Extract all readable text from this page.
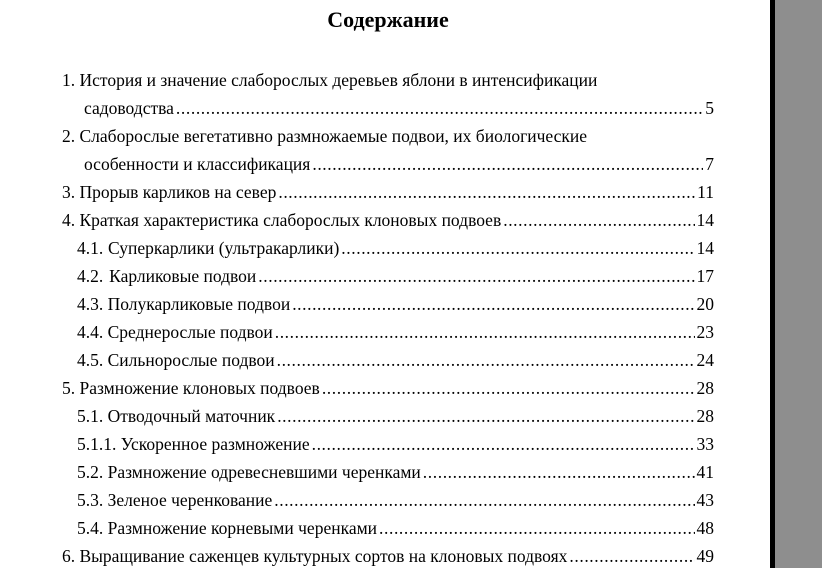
Содержание
1. История и значение слаборослых деревьев яблони в интенсификации
садоводства .....	5
2. Слаборослые вегетативно размножаемые подвои, их биологические
особенности и классификация .....	7
3. Прорыв карликов на север .....	11
4. Краткая характеристика слаборослых клоновых подвоев .....	14
4.1. Суперкарлики (ультракарлики) .....	14
4.2. Карликовые подвои .....	17
4.3. Полукарликовые подвои .....	20
4.4. Среднерослые подвои .....	23
4.5. Сильнорослые подвои .....	24
5. Размножение клоновых подвоев .....	28
5.1. Отводочный маточник .....	28
5.1.1. Ускоренное размножение .....	33
5.2. Размножение одревесневшими черенками .....	41
5.3. Зеленое черенкование .....	43
5.4. Размножение корневыми черенками .....	48
6. Выращивание саженцев культурных сортов на клоновых подвоях .....	49
